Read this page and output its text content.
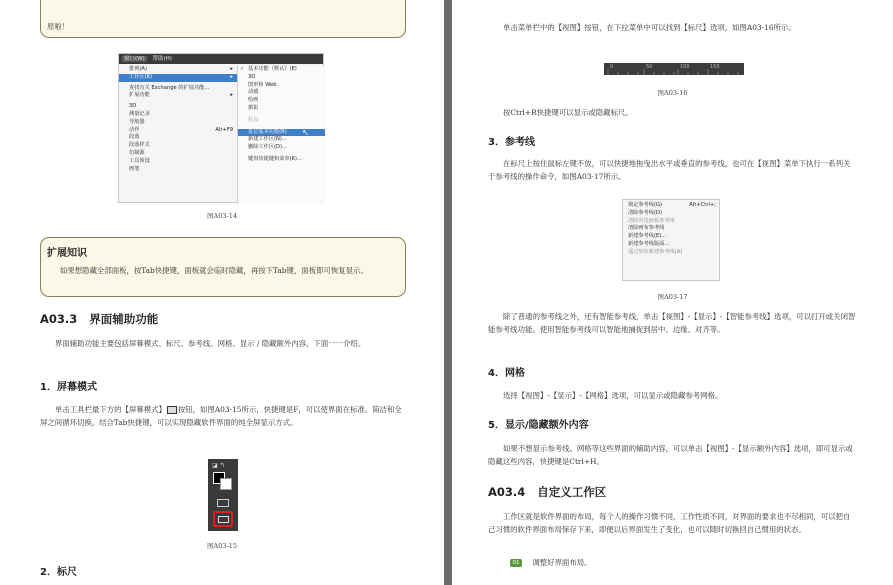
原啦！

窗口(W) 帮助(H)
排列(A)	▸
工作区(K)	▸
查找有关 Exchange 的扩展功能...
扩展功能	▸
3D
测量记录
导航器
动作	Alt+F9
段落
段落样式
仿制源
工具预设
画笔
✓ 基本功能（默认）(E)
3D
图形和 Web
动感
绘画
摄影
拉点
复位基本功能(R) ↖
新建工作区(N)...
删除工作区(D)...
键盘快捷键和菜单(K)...
图A03-14
扩展知识

如果想隐藏全部面板，按Tab快捷键，面板就会临时隐藏，再按下Tab键，面板即可恢复显示。

A03.3 界面辅助功能

界面辅助功能主要包括屏幕模式、标尺、参考线、网格、显示 / 隐藏额外内容，下面一一介绍。

1．屏幕模式

单击工具栏最下方的【屏幕模式】 按钮，如图A03-15所示，快捷键是F，可以使界面在标准、简洁和全屏之间循环切换。结合Tab快捷键，可以实现隐藏软件界面的纯全屏显示方式。

◪ ↰
图A03-15
2．标尺

单击菜单栏中的【视图】按钮，在下拉菜单中可以找到【标尺】选项，如图A03-16所示。

0	50	100	150
图A03-16

按Ctrl+R快捷键可以显示或隐藏标尺。

3．参考线

在标尺上按住鼠标左键不放，可以快捷地拖曳出水平或垂直的参考线，也可在【视图】菜单下执行一系列关于参考线的操作命令，如图A03-17所示。

锁定参考线(G)	Alt+Ctrl+;
清除参考线(D)
清除所选画板参考线
清除画布参考线
新建参考线(E)...
新建参考线版面...
通过形状新建参考线(A)
图A03-17

除了普通的参考线之外，还有智能参考线，单击【视图】-【显示】-【智能参考线】选项，可以打开或关闭智能参考线功能。使用智能参考线可以智能地捕捉到居中、边缘、对齐等。

4．网格

选择【视图】-【显示】-【网格】选项，可以显示或隐藏参考网格。

5．显示/隐藏额外内容

如果不想显示参考线、网格等这些界面的辅助内容，可以单击【视图】-【显示额外内容】选项，即可显示或隐藏这些内容，快捷键是Ctrl+H。

A03.4 自定义工作区

工作区就是软件界面的布局，每个人的操作习惯不同，工作性质不同，对界面的要求也不尽相同，可以把自己习惯的软件界面布局保存下来，即便以后界面发生了变化，也可以随时切换回自己惯用的状态。

01 调整好界面布局。
